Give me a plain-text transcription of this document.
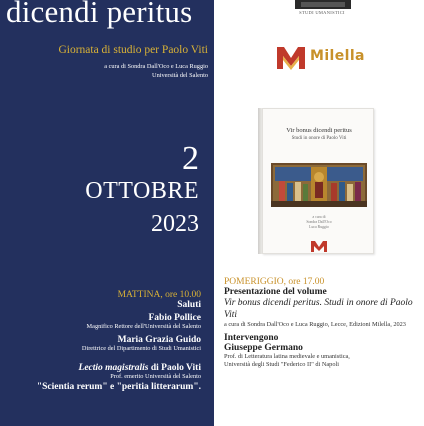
dicendi peritus
Giornata di studio per Paolo Viti
a cura di Sondra Dall'Oco e Luca Ruggio
Università del Salento
2
OTTOBRE
2023
MATTINA, ore 10.00
Saluti
Fabio Pollice
Magnifico Rettore dell'Università del Salento
Maria Grazia Guido
Direttrice del Dipartimento di Studi Umanistici
Lectio magistralis di Paolo Viti
Prof. emerito Università del Salento
"Scientia rerum" e "peritia litterarum".
STUDI UMANISTICI
Milella
Vir bonus dicendi peritus
Studi in onore di Paolo Viti
a cura di
Sondra Dall'Oco
Luca Ruggio
POMERIGGIO, ore 17.00
Presentazione del volume
Vir bonus dicendi peritus. Studi in onore di Paolo Viti
a cura di Sondra Dall'Oco e Luca Ruggio, Lecce, Edizioni Milella, 2023
Intervengono
Giuseppe Germano
Prof. di Letteratura latina medievale e umanistica,
Università degli Studi "Federico II" di Napoli
